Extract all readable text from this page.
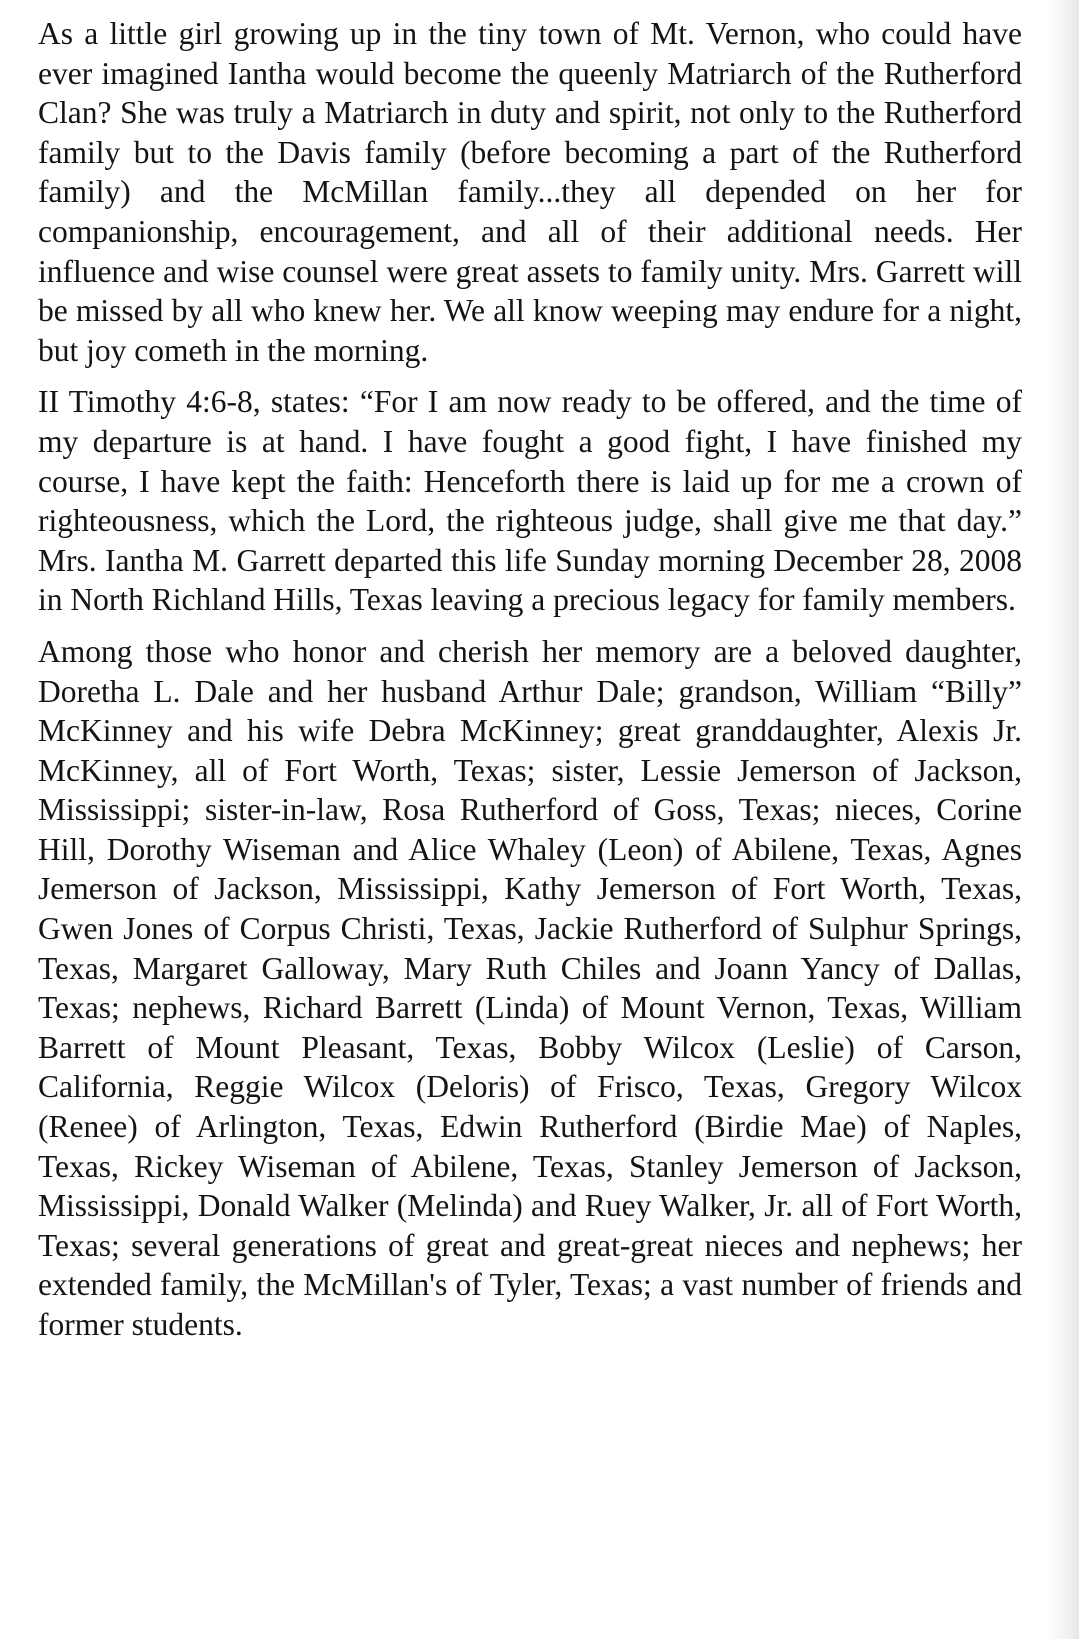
As a little girl growing up in the tiny town of Mt. Vernon, who could have ever imagined Iantha would become the queenly Matriarch of the Rutherford Clan? She was truly a Matriarch in duty and spirit, not only to the Rutherford family but to the Davis family (before becoming a part of the Rutherford family) and the McMillan family...they all depended on her for companionship, encouragement, and all of their additional needs. Her influence and wise counsel were great assets to family unity. Mrs. Garrett will be missed by all who knew her. We all know weeping may endure for a night, but joy cometh in the morning.

II Timothy 4:6-8, states: “For I am now ready to be offered, and the time of my departure is at hand. I have fought a good fight, I have finished my course, I have kept the faith: Henceforth there is laid up for me a crown of righteousness, which the Lord, the righteous judge, shall give me that day.” Mrs. Iantha M. Garrett departed this life Sunday morning December 28, 2008 in North Richland Hills, Texas leaving a precious legacy for family members.

Among those who honor and cherish her memory are a beloved daughter, Doretha L. Dale and her husband Arthur Dale; grandson, William “Billy” McKinney and his wife Debra McKinney; great granddaughter, Alexis Jr. McKinney, all of Fort Worth, Texas; sister, Lessie Jemerson of Jackson, Mississippi; sister-in-law, Rosa Rutherford of Goss, Texas; nieces, Corine Hill, Dorothy Wiseman and Alice Whaley (Leon) of Abilene, Texas, Agnes Jemerson of Jackson, Mississippi, Kathy Jemerson of Fort Worth, Texas, Gwen Jones of Corpus Christi, Texas, Jackie Rutherford of Sulphur Springs, Texas, Margaret Galloway, Mary Ruth Chiles and Joann Yancy of Dallas, Texas; nephews, Richard Barrett (Linda) of Mount Vernon, Texas, William Barrett of Mount Pleasant, Texas, Bobby Wilcox (Leslie) of Carson, California, Reggie Wilcox (Deloris) of Frisco, Texas, Gregory Wilcox (Renee) of Arlington, Texas, Edwin Rutherford (Birdie Mae) of Naples, Texas, Rickey Wiseman of Abilene, Texas, Stanley Jemerson of Jackson, Mississippi, Donald Walker (Melinda) and Ruey Walker, Jr. all of Fort Worth, Texas; several generations of great and great-great nieces and nephews; her extended family, the McMillan's of Tyler, Texas; a vast number of friends and former students.
